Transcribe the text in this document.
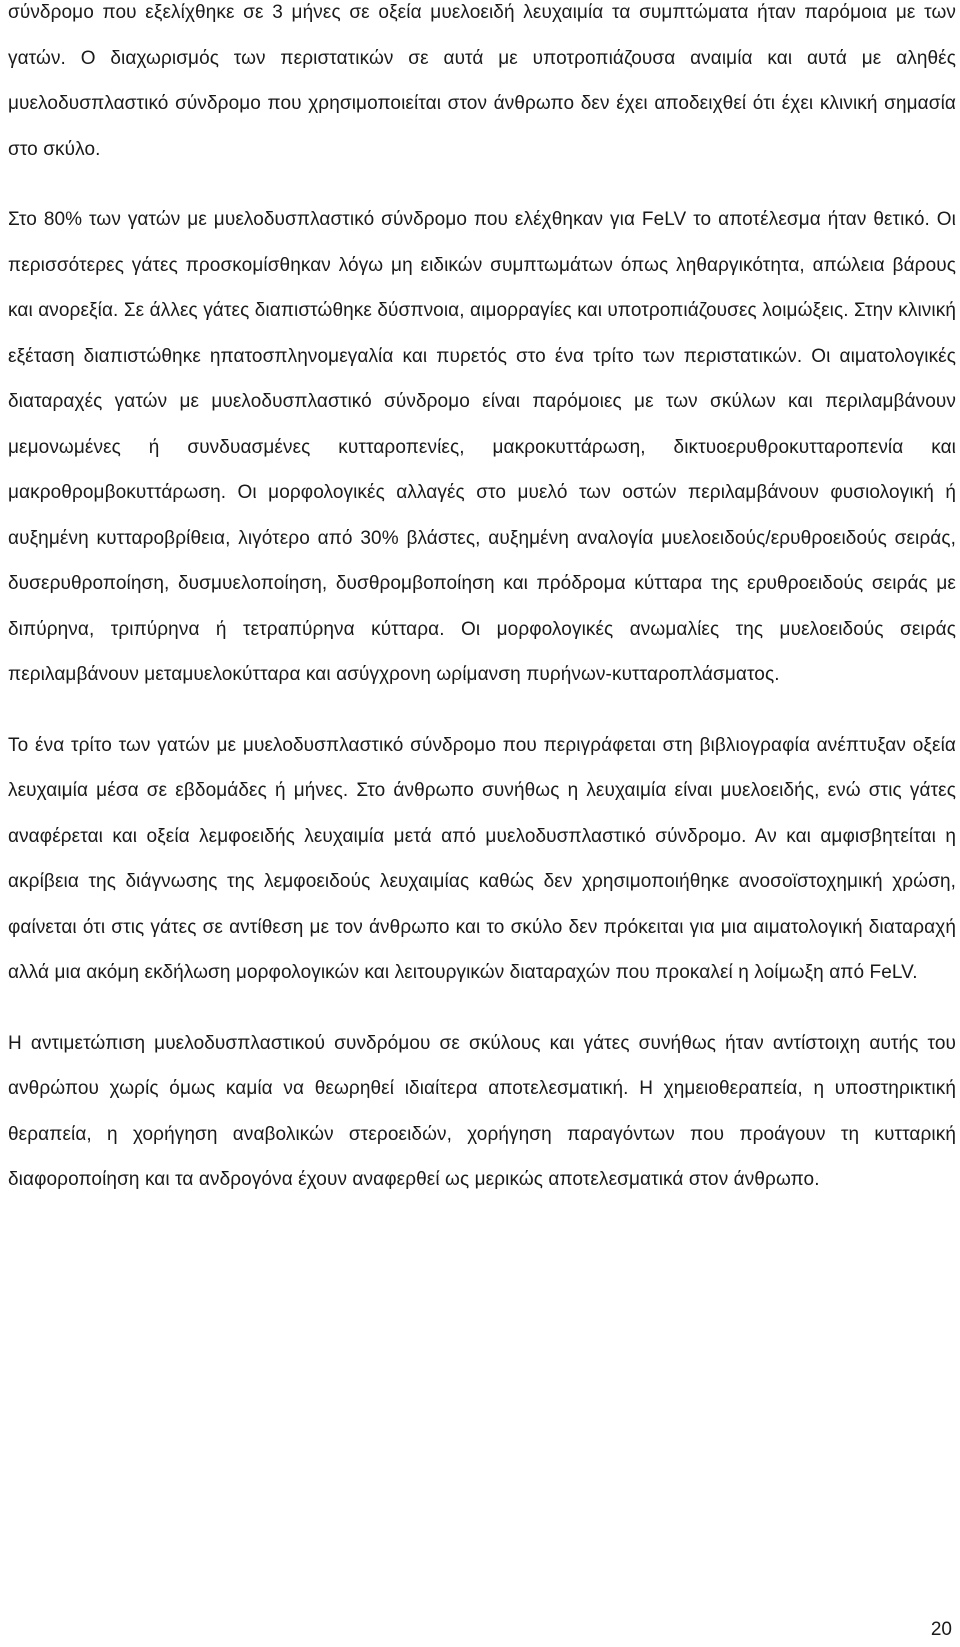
σύνδρομο που εξελίχθηκε σε 3 μήνες σε οξεία μυελοειδή λευχαιμία τα συμπτώματα ήταν παρόμοια με των γατών. Ο διαχωρισμός των περιστατικών σε αυτά με υποτροπιάζουσα αναιμία και αυτά με αληθές μυελοδυσπλαστικό σύνδρομο που χρησιμοποιείται στον άνθρωπο δεν έχει αποδειχθεί ότι έχει κλινική σημασία στο σκύλο.

Στο 80% των γατών με μυελοδυσπλαστικό σύνδρομο που ελέχθηκαν για FeLV το αποτέλεσμα ήταν θετικό. Οι περισσότερες γάτες προσκομίσθηκαν λόγω μη ειδικών συμπτωμάτων όπως ληθαργικότητα, απώλεια βάρους και ανορεξία. Σε άλλες γάτες διαπιστώθηκε δύσπνοια, αιμορραγίες και υποτροπιάζουσες λοιμώξεις. Στην κλινική εξέταση διαπιστώθηκε ηπατοσπληνομεγαλία και πυρετός στο ένα τρίτο των περιστατικών. Οι αιματολογικές διαταραχές γατών με μυελοδυσπλαστικό σύνδρομο είναι παρόμοιες με των σκύλων και περιλαμβάνουν μεμονωμένες ή συνδυασμένες κυτταροπενίες, μακροκυττάρωση, δικτυοερυθροκυτταροπενία και μακροθρομβοκυττάρωση. Οι μορφολογικές αλλαγές στο μυελό των οστών περιλαμβάνουν φυσιολογική ή αυξημένη κυτταροβρίθεια, λιγότερο από 30% βλάστες, αυξημένη αναλογία μυελοειδούς/ερυθροειδούς σειράς, δυσερυθροποίηση, δυσμυελοποίηση, δυσθρομβοποίηση και πρόδρομα κύτταρα της ερυθροειδούς σειράς με διπύρηνα, τριπύρηνα ή τετραπύρηνα κύτταρα. Οι μορφολογικές ανωμαλίες της μυελοειδούς σειράς περιλαμβάνουν μεταμυελοκύτταρα και ασύγχρονη ωρίμανση πυρήνων-κυτταροπλάσματος.

Το ένα τρίτο των γατών με μυελοδυσπλαστικό σύνδρομο που περιγράφεται στη βιβλιογραφία ανέπτυξαν οξεία λευχαιμία μέσα σε εβδομάδες ή μήνες. Στο άνθρωπο συνήθως η λευχαιμία είναι μυελοειδής, ενώ στις γάτες αναφέρεται και οξεία λεμφοειδής λευχαιμία μετά από μυελοδυσπλαστικό σύνδρομο. Αν και αμφισβητείται η ακρίβεια της διάγνωσης της λεμφοειδούς λευχαιμίας καθώς δεν χρησιμοποιήθηκε ανοσοϊστοχημική χρώση, φαίνεται ότι στις γάτες σε αντίθεση με τον άνθρωπο και το σκύλο δεν πρόκειται για μια αιματολογική διαταραχή αλλά μια ακόμη εκδήλωση μορφολογικών και λειτουργικών διαταραχών που προκαλεί η λοίμωξη από FeLV.

Η αντιμετώπιση μυελοδυσπλαστικού συνδρόμου σε σκύλους και γάτες συνήθως ήταν αντίστοιχη αυτής του ανθρώπου χωρίς όμως καμία να θεωρηθεί ιδιαίτερα αποτελεσματική. Η χημειοθεραπεία, η υποστηρικτική θεραπεία, η χορήγηση αναβολικών στεροειδών, χορήγηση παραγόντων που προάγουν τη κυτταρική διαφοροποίηση και τα ανδρογόνα έχουν αναφερθεί ως μερικώς αποτελεσματικά στον άνθρωπο.

20
